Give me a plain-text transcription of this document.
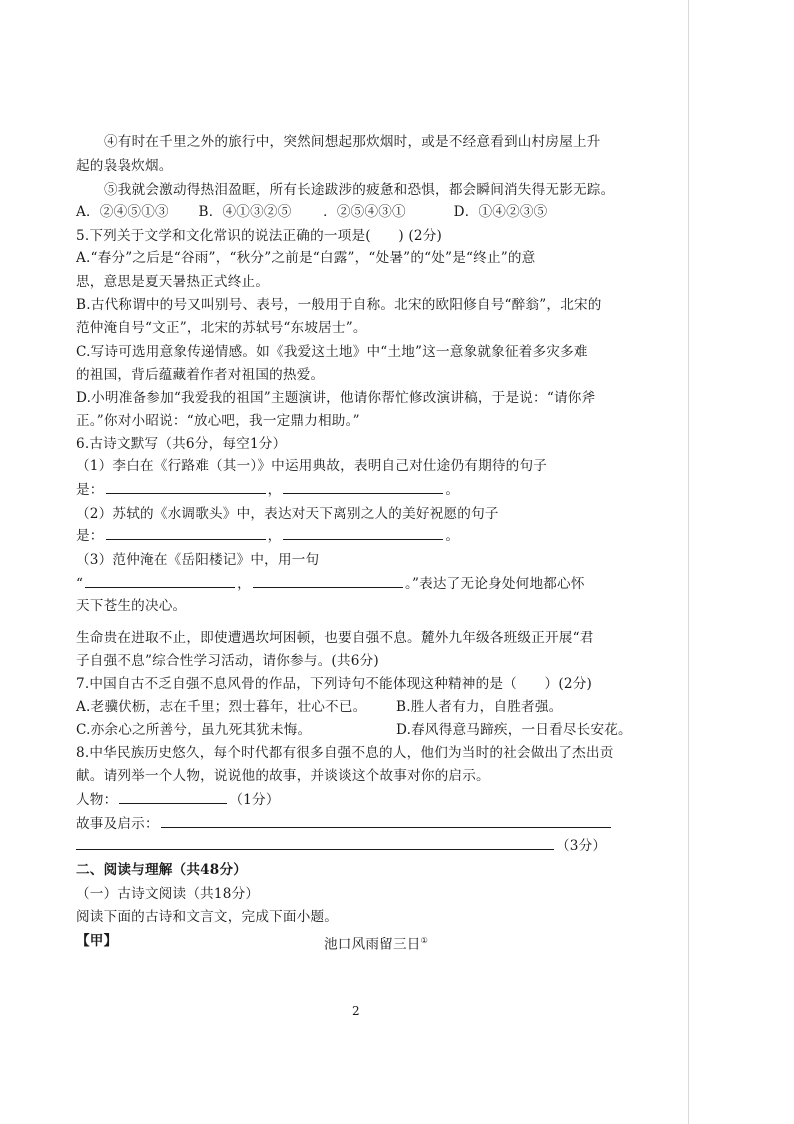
④有时在千里之外的旅行中，突然间想起那炊烟时，或是不经意看到山村房屋上升
起的袅袅炊烟。
⑤我就会激动得热泪盈眶，所有长途跋涉的疲惫和恐惧，都会瞬间消失得无影无踪。
A．②④⑤①③ B．④①③②⑤ ．②⑤④③①	D．①④②③⑤
5.下列关于文学和文化常识的说法正确的一项是(　　) (2分)
A.“春分”之后是“谷雨”，“秋分”之前是“白露”，“处暑”的“处”是“终止”的意
思，意思是夏天暑热正式终止。
B.古代称谓中的号又叫别号、表号，一般用于自称。北宋的欧阳修自号“醉翁”，北宋的
范仲淹自号“文正”，北宋的苏轼号“东坡居士”。
C.写诗可选用意象传递情感。如《我爱这土地》中“土地”这一意象就象征着多灾多难
的祖国，背后蕴藏着作者对祖国的热爱。
D.小明准备参加“我爱我的祖国”主题演讲，他请你帮忙修改演讲稿，于是说：“请你斧
正。”你对小昭说：“放心吧，我一定鼎力相助。”
6.古诗文默写（共6分，每空1分）
（1）李白在《行路难（其一）》中运用典故，表明自己对仕途仍有期待的句子
是：	，	。
（2）苏轼的《水调歌头》中，表达对天下离别之人的美好祝愿的句子
是：	，	。
（3）范仲淹在《岳阳楼记》中，用一句
“	，	。”表达了无论身处何地都心怀
天下苍生的决心。
生命贵在进取不止，即使遭遇坎坷困顿，也要自强不息。麓外九年级各班级正开展“君
子自强不息”综合性学习活动，请你参与。(共6分)
7.中国自古不乏自强不息风骨的作品，下列诗句不能体现这种精神的是（　　）(2分)
A.老骥伏枥，志在千里；烈士暮年，壮心不已。 B.胜人者有力，自胜者强。
C.亦余心之所善兮，虽九死其犹未悔。	D.春风得意马蹄疾，一日看尽长安花。
8.中华民族历史悠久，每个时代都有很多自强不息的人，他们为当时的社会做出了杰出贡
献。请列举一个人物，说说他的故事，并谈谈这个故事对你的启示。
人物：	（1分）
故事及启示：
（3分）
二、阅读与理解（共48分）
（一）古诗文阅读（共18分）
阅读下面的古诗和文言文，完成下面小题。
【甲】	池口风雨留三日①
2
